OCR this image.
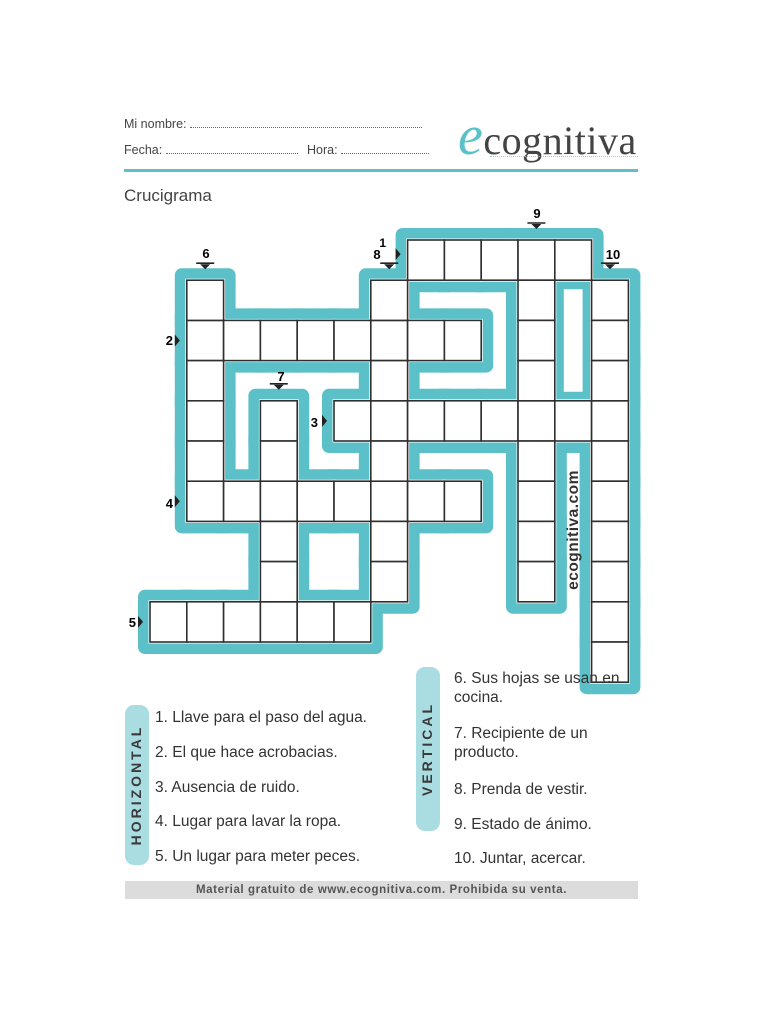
Mi nombre:
Fecha:	Hora:	ecognitiva
Crucigrama
1
2
3
4
5
6
7
8
9
10
ecognitiva.com
HORIZONTAL
1. Llave para el paso del agua.
2. El que hace acrobacias.
3. Ausencia de ruido.
4. Lugar para lavar la ropa.
5. Un lugar para meter peces.
VERTICAL
6. Sus hojas se usan en
cocina.
7. Recipiente de un
producto.
8. Prenda de vestir.
9. Estado de ánimo.
10. Juntar, acercar.
Material gratuito de www.ecognitiva.com. Prohibida su venta.
